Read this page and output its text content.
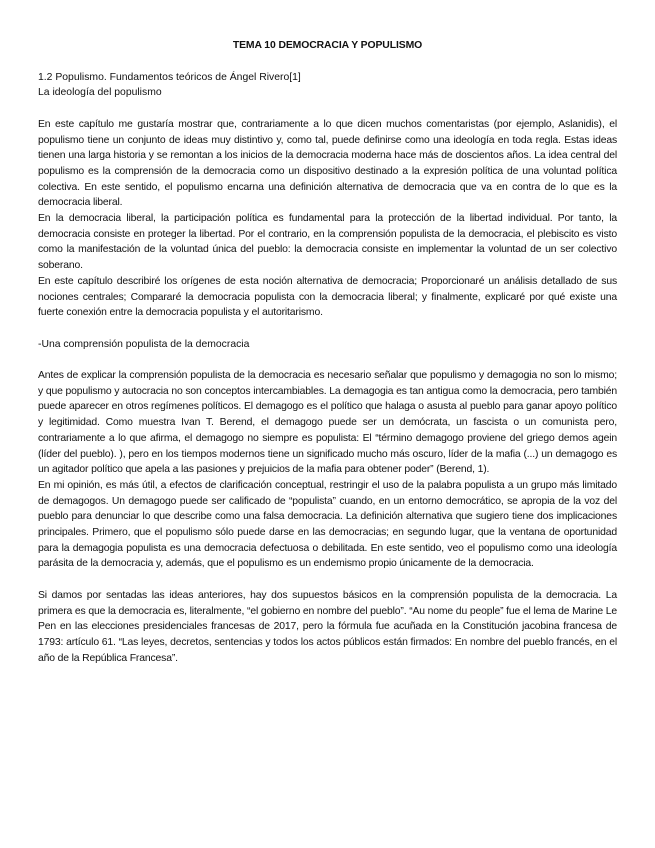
TEMA 10 DEMOCRACIA Y POPULISMO
1.2 Populismo. Fundamentos teóricos de Ángel Rivero[1]
La ideología del populismo

En este capítulo me gustaría mostrar que, contrariamente a lo que dicen muchos comentaristas (por ejemplo, Aslanidis), el populismo tiene un conjunto de ideas muy distintivo y, como tal, puede definirse como una ideología en toda regla. Estas ideas tienen una larga historia y se remontan a los inicios de la democracia moderna hace más de doscientos años. La idea central del populismo es la comprensión de la democracia como un dispositivo destinado a la expresión política de una voluntad política colectiva. En este sentido, el populismo encarna una definición alternativa de democracia que va en contra de lo que es la democracia liberal.

En la democracia liberal, la participación política es fundamental para la protección de la libertad individual. Por tanto, la democracia consiste en proteger la libertad. Por el contrario, en la comprensión populista de la democracia, el plebiscito es visto como la manifestación de la voluntad única del pueblo: la democracia consiste en implementar la voluntad de un ser colectivo soberano.

En este capítulo describiré los orígenes de esta noción alternativa de democracia; Proporcionaré un análisis detallado de sus nociones centrales; Compararé la democracia populista con la democracia liberal; y finalmente, explicaré por qué existe una fuerte conexión entre la democracia populista y el autoritarismo.

-Una comprensión populista de la democracia

Antes de explicar la comprensión populista de la democracia es necesario señalar que populismo y demagogia no son lo mismo; y que populismo y autocracia no son conceptos intercambiables. La demagogia es tan antigua como la democracia, pero también puede aparecer en otros regímenes políticos. El demagogo es el político que halaga o asusta al pueblo para ganar apoyo político y legitimidad. Como muestra Ivan T. Berend, el demagogo puede ser un demócrata, un fascista o un comunista pero, contrariamente a lo que afirma, el demagogo no siempre es populista: El “término demagogo proviene del griego demos agein (líder del pueblo). ), pero en los tiempos modernos tiene un significado mucho más oscuro, líder de la mafia (...) un demagogo es un agitador político que apela a las pasiones y prejuicios de la mafia para obtener poder” (Berend, 1).

En mi opinión, es más útil, a efectos de clarificación conceptual, restringir el uso de la palabra populista a un grupo más limitado de demagogos. Un demagogo puede ser calificado de “populista” cuando, en un entorno democrático, se apropia de la voz del pueblo para denunciar lo que describe como una falsa democracia. La definición alternativa que sugiero tiene dos implicaciones principales. Primero, que el populismo sólo puede darse en las democracias; en segundo lugar, que la ventana de oportunidad para la demagogia populista es una democracia defectuosa o debilitada. En este sentido, veo el populismo como una ideología parásita de la democracia y, además, que el populismo es un endemismo propio únicamente de la democracia.

Si damos por sentadas las ideas anteriores, hay dos supuestos básicos en la comprensión populista de la democracia. La primera es que la democracia es, literalmente, “el gobierno en nombre del pueblo”. “Au nome du people” fue el lema de Marine Le Pen en las elecciones presidenciales francesas de 2017, pero la fórmula fue acuñada en la Constitución jacobina francesa de 1793: artículo 61. “Las leyes, decretos, sentencias y todos los actos públicos están firmados: En nombre del pueblo francés, en el año de la República Francesa”.
